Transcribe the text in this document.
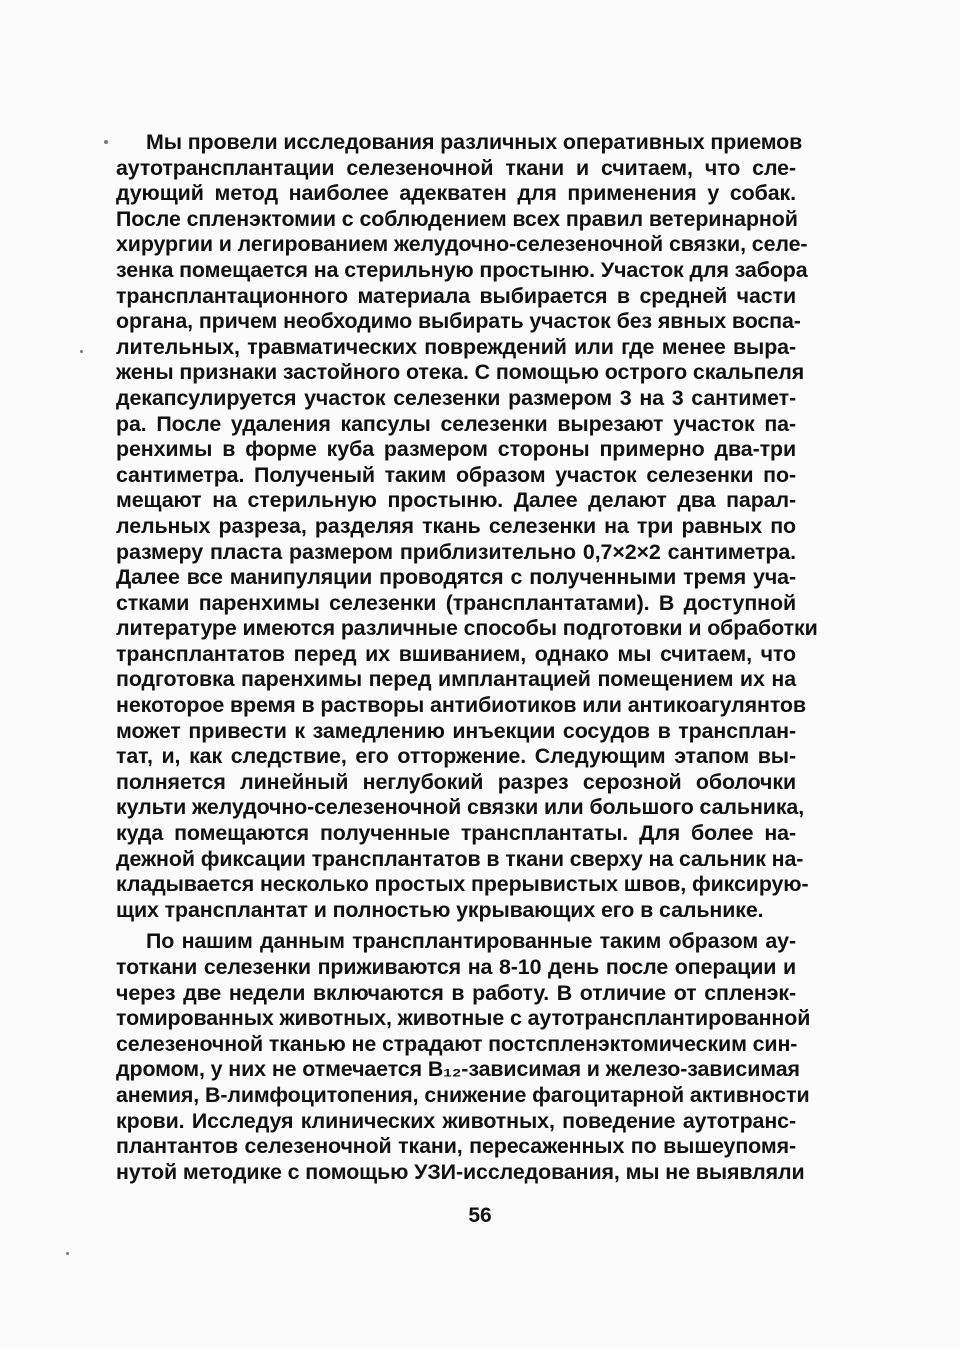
Мы провели исследования различных оперативных приемов
аутотрансплантации селезеночной ткани и считаем, что сле-
дующий метод наиболее адекватен для применения у собак.
После спленэктомии с соблюдением всех правил ветеринарной
хирургии и легированием желудочно-селезеночной связки, селе-
зенка помещается на стерильную простыню. Участок для забора
трансплантационного материала выбирается в средней части
органа, причем необходимо выбирать участок без явных воспа-
лительных, травматических повреждений или где менее выра-
жены признаки застойного отека. С помощью острого скальпеля
декапсулируется участок селезенки размером 3 на 3 сантимет-
ра. После удаления капсулы селезенки вырезают участок па-
ренхимы в форме куба размером стороны примерно два-три
сантиметра. Полученый таким образом участок селезенки по-
мещают на стерильную простыню. Далее делают два парал-
лельных разреза, разделяя ткань селезенки на три равных по
размеру пласта размером приблизительно 0,7×2×2 сантиметра.
Далее все манипуляции проводятся с полученными тремя уча-
стками паренхимы селезенки (трансплантатами). В доступной
литературе имеются различные способы подготовки и обработки
трансплантатов перед их вшиванием, однако мы считаем, что
подготовка паренхимы перед имплантацией помещением их на
некоторое время в растворы антибиотиков или антикоагулянтов
может привести к замедлению инъекции сосудов в трансплан-
тат, и, как следствие, его отторжение. Следующим этапом вы-
полняется линейный неглубокий разрез серозной оболочки
культи желудочно-селезеночной связки или большого сальника,
куда помещаются полученные трансплантаты. Для более на-
дежной фиксации трансплантатов в ткани сверху на сальник на-
кладывается несколько простых прерывистых швов, фиксирую-
щих трансплантат и полностью укрывающих его в сальнике.
По нашим данным трансплантированные таким образом ау-
тоткани селезенки приживаются на 8-10 день после операции и
через две недели включаются в работу. В отличие от спленэк-
томированных животных, животные с аутотрансплантированной
селезеночной тканью не страдают постспленэктомическим син-
дромом, у них не отмечается B₁₂-зависимая и железо-зависимая
анемия, В-лимфоцитопения, снижение фагоцитарной активности
крови. Исследуя клинических животных, поведение аутотранс-
плантантов селезеночной ткани, пересаженных по вышеупомя-
нутой методике с помощью УЗИ-исследования, мы не выявляли
56
